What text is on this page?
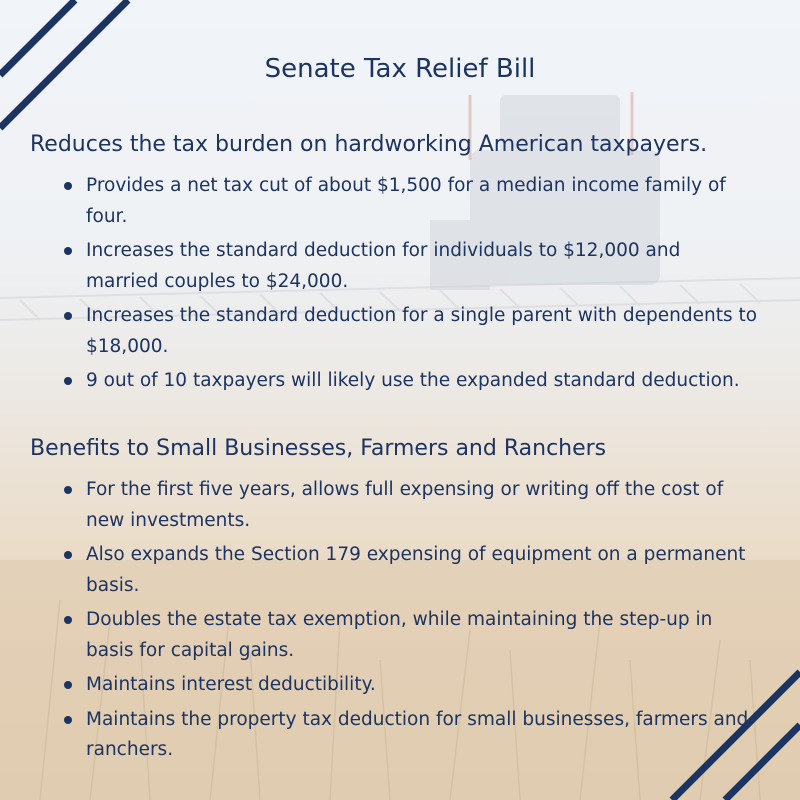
Senate Tax Relief Bill
Reduces the tax burden on hardworking American taxpayers.
Provides a net tax cut of about $1,500 for a median income family of four.
Increases the standard deduction for individuals to $12,000 and married couples to $24,000.
Increases the standard deduction for a single parent with dependents to $18,000.
9 out of 10 taxpayers will likely use the expanded standard deduction.
Benefits to Small Businesses, Farmers and Ranchers
For the first five years, allows full expensing or writing off the cost of new investments.
Also expands the Section 179 expensing of equipment on a permanent basis.
Doubles the estate tax exemption, while maintaining the step-up in basis for capital gains.
Maintains interest deductibility.
Maintains the property tax deduction for small businesses, farmers and ranchers.
